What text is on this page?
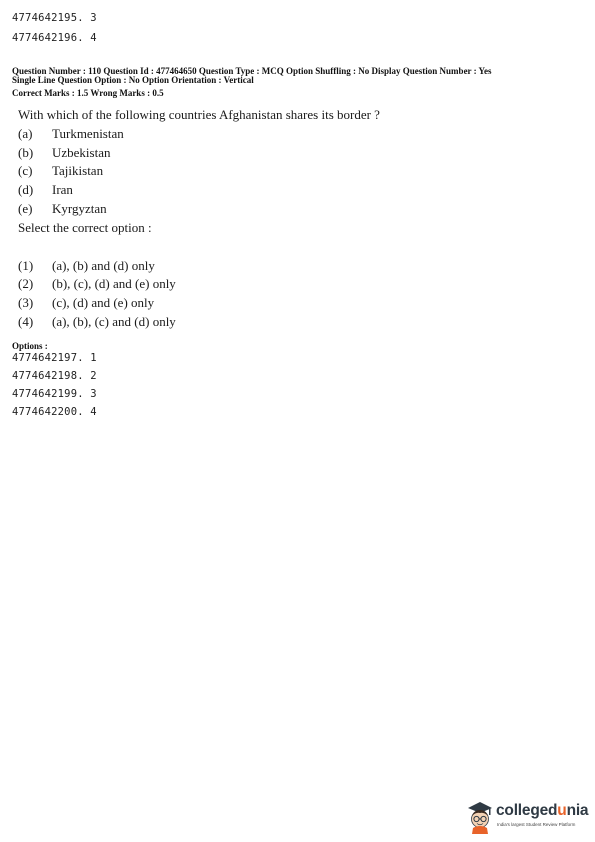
4774642195. 3
4774642196. 4
Question Number : 110 Question Id : 477464650 Question Type : MCQ Option Shuffling : No Display Question Number : Yes
Single Line Question Option : No Option Orientation : Vertical
Correct Marks : 1.5 Wrong Marks : 0.5
With which of the following countries Afghanistan shares its border ?
(a) Turkmenistan
(b) Uzbekistan
(c) Tajikistan
(d) Iran
(e) Kyrgyztan
Select the correct option :
(1) (a), (b) and (d) only
(2) (b), (c), (d) and (e) only
(3) (c), (d) and (e) only
(4) (a), (b), (c) and (d) only
Options :
4774642197. 1
4774642198. 2
4774642199. 3
4774642200. 4
collegedunia
India's largest Student Review Platform
